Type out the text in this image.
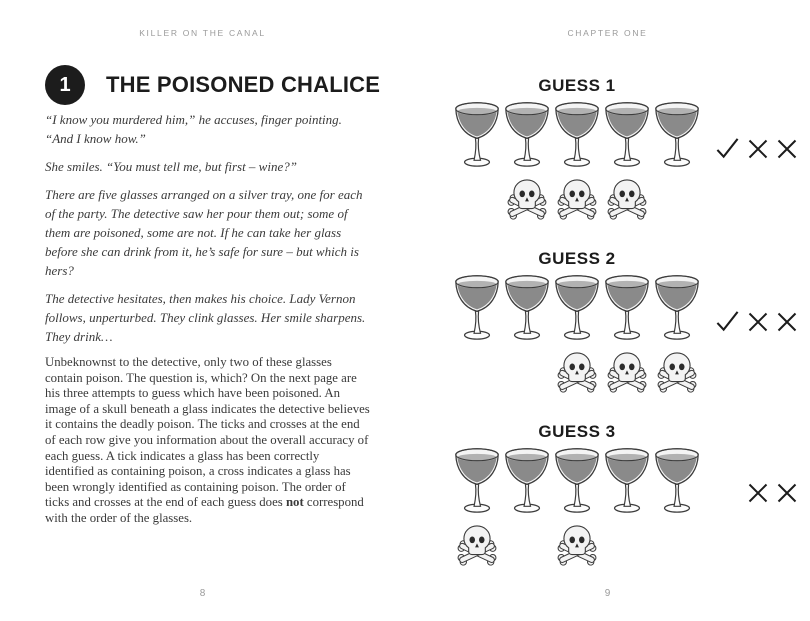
KILLER ON THE CANAL
1 THE POISONED CHALICE

“I know you murdered him,” he accuses, finger pointing. “And I know how.”

She smiles. “You must tell me, but first – wine?”

There are five glasses arranged on a silver tray, one for each of the party. The detective saw her pour them out; some of them are poisoned, some are not. If he can take her glass before she can drink from it, he’s safe for sure – but which is hers?

The detective hesitates, then makes his choice. Lady Vernon follows, unperturbed. They clink glasses. Her smile sharpens. They drink…

Unbeknownst to the detective, only two of these glasses contain poison. The question is, which? On the next page are his three attempts to guess which have been poisoned. An image of a skull beneath a glass indicates the detective believes it contains the deadly poison. The ticks and crosses at the end of each row give you information about the overall accuracy of each guess. A tick indicates a glass has been correctly identified as containing poison, a cross indicates a glass has been wrongly identified as containing poison. The order of ticks and crosses at the end of each guess does not correspond with the order of the glasses.

8
CHAPTER ONE
GUESS 1
GUESS 2
GUESS 3
9
